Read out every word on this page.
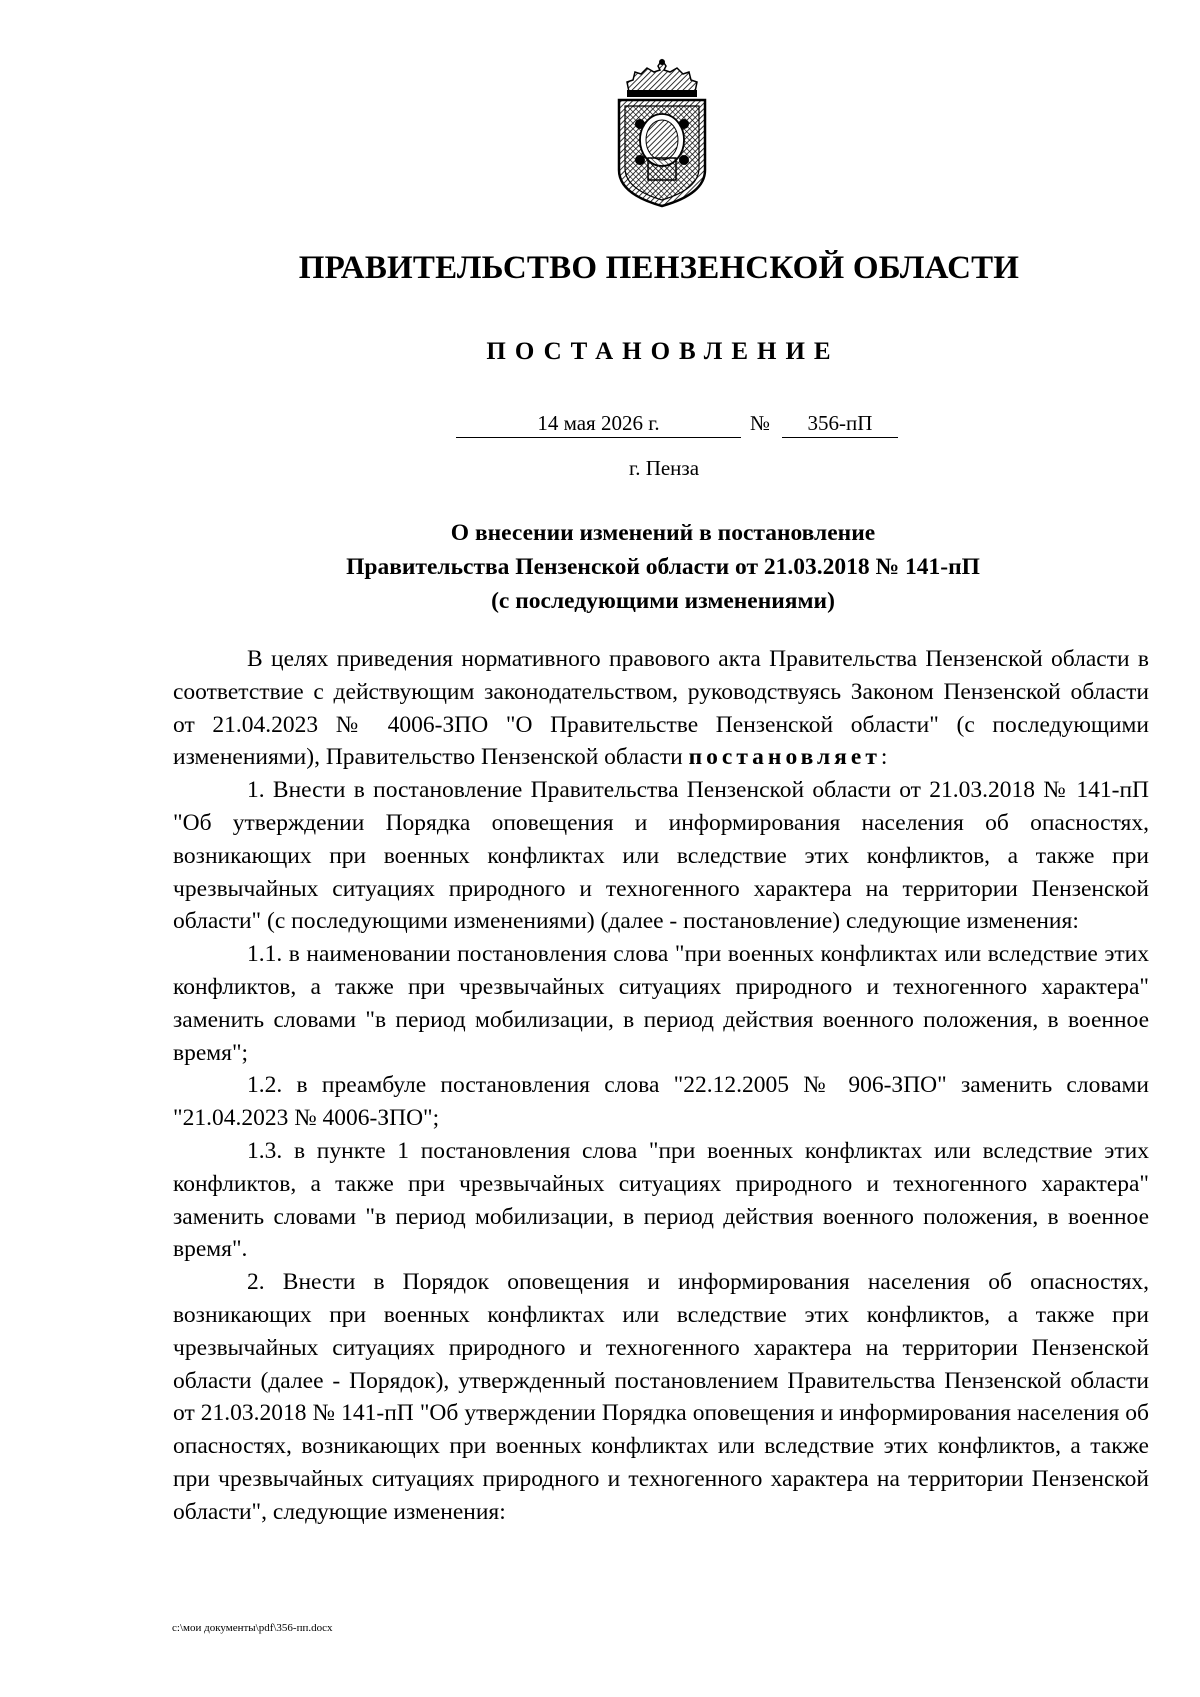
ПРАВИТЕЛЬСТВО ПЕНЗЕНСКОЙ ОБЛАСТИ
ПОСТАНОВЛЕНИЕ
14 мая 2026 г.	№	356-пП
г. Пенза
О внесении изменений в постановление
Правительства Пензенской области от 21.03.2018 № 141-пП
(с последующими изменениями)

В целях приведения нормативного правового акта Правительства Пензенской области в соответствие с действующим законодательством, руководствуясь Законом Пензенской области от 21.04.2023 № 4006-ЗПО "О Правительстве Пензенской области" (с последующими изменениями), Правительство Пензенской области постановляет:

1. Внести в постановление Правительства Пензенской области от 21.03.2018 № 141-пП "Об утверждении Порядка оповещения и информирования населения об опасностях, возникающих при военных конфликтах или вследствие этих конфликтов, а также при чрезвычайных ситуациях природного и техногенного характера на территории Пензенской области" (с последующими изменениями) (далее - постановление) следующие изменения:

1.1. в наименовании постановления слова "при военных конфликтах или вследствие этих конфликтов, а также при чрезвычайных ситуациях природного и техногенного характера" заменить словами "в период мобилизации, в период действия военного положения, в военное время";

1.2. в преамбуле постановления слова "22.12.2005 № 906-ЗПО" заменить словами "21.04.2023 № 4006-ЗПО";

1.3. в пункте 1 постановления слова "при военных конфликтах или вследствие этих конфликтов, а также при чрезвычайных ситуациях природного и техногенного характера" заменить словами "в период мобилизации, в период действия военного положения, в военное время".

2. Внести в Порядок оповещения и информирования населения об опасностях, возникающих при военных конфликтах или вследствие этих конфликтов, а также при чрезвычайных ситуациях природного и техногенного характера на территории Пензенской области (далее - Порядок), утвержденный постановлением Правительства Пензенской области от 21.03.2018 № 141-пП "Об утверждении Порядка оповещения и информирования населения об опасностях, возникающих при военных конфликтах или вследствие этих конфликтов, а также при чрезвычайных ситуациях природного и техногенного характера на территории Пензенской области", следующие изменения:

c:\мои документы\pdf\356-пп.docx
